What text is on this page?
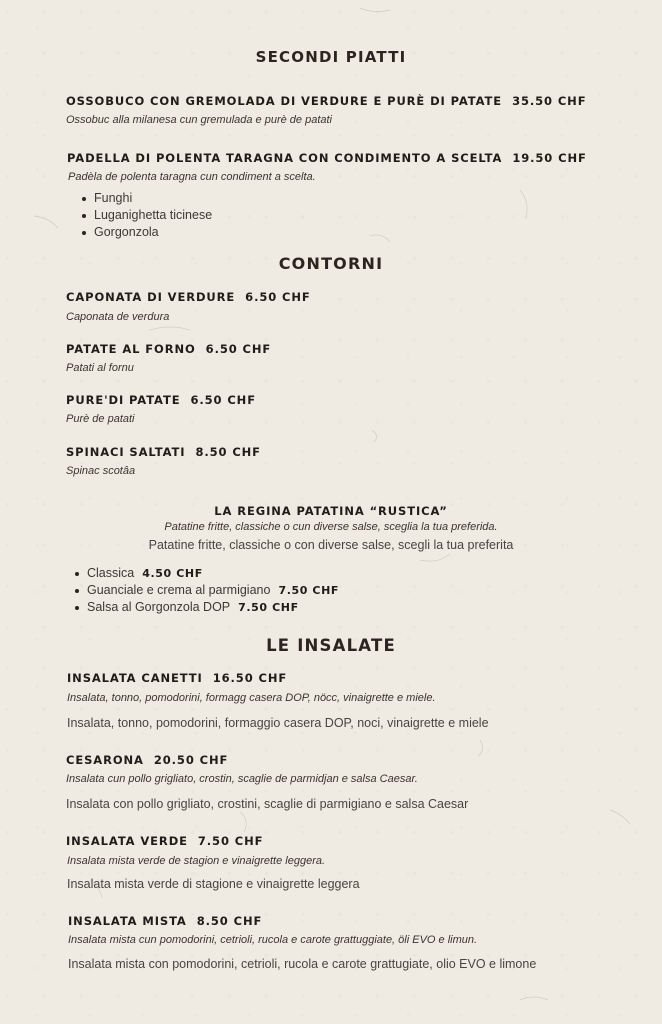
SECONDI PIATTI
OSSOBUCO CON GREMOLADA DI VERDURE E PURÈ DI PATATE 35.50 CHF
Ossobuc alla milanesa cun gremulada e purè de patati
PADELLA DI POLENTA TARAGNA CON CONDIMENTO A SCELTA 19.50 CHF
Padèla de polenta taragna cun condiment a scelta.
Funghi
Luganighetta ticinese
Gorgonzola
CONTORNI
CAPONATA DI VERDURE 6.50 CHF
Caponata de verdura
PATATE AL FORNO 6.50 CHF
Patati al fornu
PURE'DI PATATE 6.50 CHF
Purè de patati
SPINACI SALTATI 8.50 CHF
Spinac scotâa
LA REGINA PATATINA “RUSTICA”
Patatine fritte, classiche o cun diverse salse, sceglia la tua preferida.
Patatine fritte, classiche o con diverse salse, scegli la tua preferita
Classica 4.50 CHF
Guanciale e crema al parmigiano 7.50 CHF
Salsa al Gorgonzola DOP 7.50 CHF
LE INSALATE
INSALATA CANETTI 16.50 CHF
Insalata, tonno, pomodorini, formagg casera DOP, nöcc, vinaigrette e miele.
Insalata, tonno, pomodorini, formaggio casera DOP, noci, vinaigrette e miele
CESARONA 20.50 CHF
Insalata cun pollo grigliato, crostin, scaglie de parmidjan e salsa Caesar.
Insalata con pollo grigliato, crostini, scaglie di parmigiano e salsa Caesar
INSALATA VERDE 7.50 CHF
Insalata mista verde de stagion e vinaigrette leggera.
Insalata mista verde di stagione e vinaigrette leggera
INSALATA MISTA 8.50 CHF
Insalata mista cun pomodorini, cetrioli, rucola e carote grattuggiate, öli EVO e limun.
Insalata mista con pomodorini, cetrioli, rucola e carote grattugiate, olio EVO e limone
